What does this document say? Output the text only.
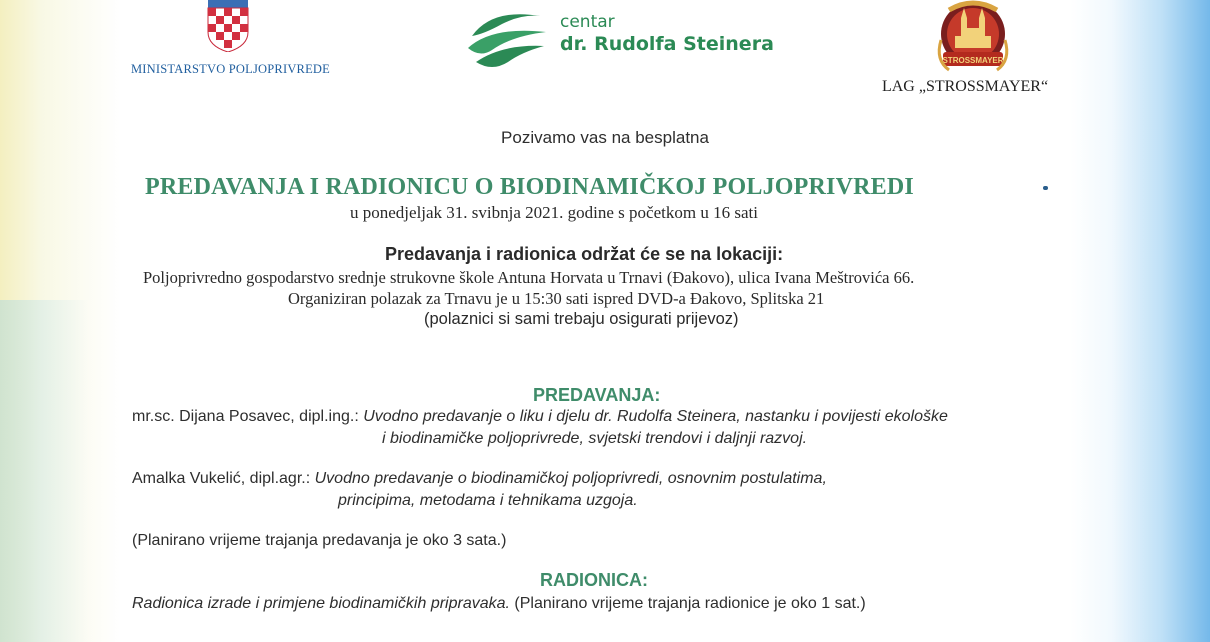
MINISTARSTVO POLJOPRIVREDE
centar
dr. Rudolfa Steinera
STROSSMAYER
LAG „STROSSMAYER“
Pozivamo vas na besplatna
PREDAVANJA I RADIONICU O BIODINAMIČKOJ POLJOPRIVREDI
u ponedjeljak 31. svibnja 2021. godine s početkom u 16 sati
Predavanja i radionica održat će se na lokaciji:
Poljoprivredno gospodarstvo srednje strukovne škole Antuna Horvata u Trnavi (Đakovo), ulica Ivana Meštrovića 66.
Organiziran polazak za Trnavu je u 15:30 sati ispred DVD-a Đakovo, Splitska 21
(polaznici si sami trebaju osigurati prijevoz)
PREDAVANJA:
mr.sc. Dijana Posavec, dipl.ing.: Uvodno predavanje o liku i djelu dr. Rudolfa Steinera, nastanku i povijesti ekološke
i biodinamičke poljoprivrede, svjetski trendovi i daljnji razvoj.
Amalka Vukelić, dipl.agr.: Uvodno predavanje o biodinamičkoj poljoprivredi, osnovnim postulatima,
principima, metodama i tehnikama uzgoja.
(Planirano vrijeme trajanja predavanja je oko 3 sata.)
RADIONICA:
Radionica izrade i primjene biodinamičkih pripravaka. (Planirano vrijeme trajanja radionice je oko 1 sat.)
